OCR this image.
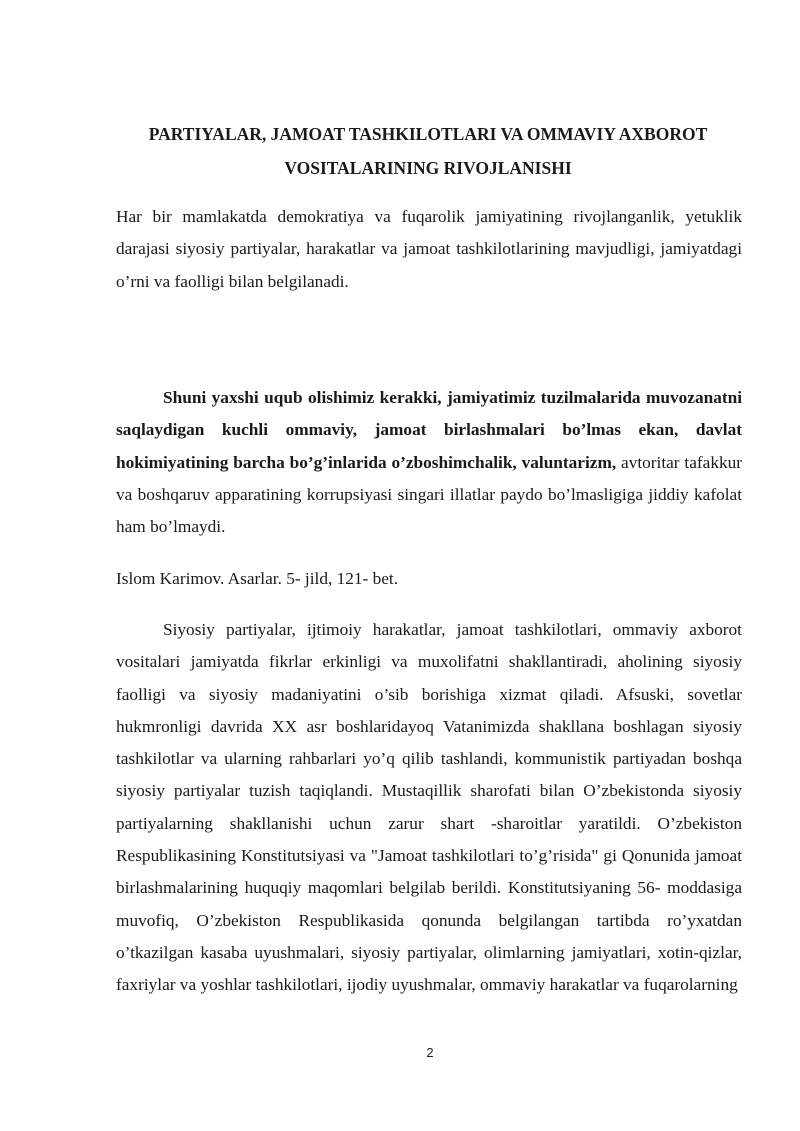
PARTIYALAR, JAMOAT TASHKILOTLARI VA OMMAVIY AXBOROT
VOSITALARINING RIVOJLANISHI

Har bir mamlakatda demokratiya va fuqarolik jamiyatining rivojlanganlik, yetuklik darajasi siyosiy partiyalar, harakatlar va jamoat tashkilotlarining mavjudligi, jamiyatdagi o’rni va faolligi bilan belgilanadi.

Shuni yaxshi uqub olishimiz kerakki, jamiyatimiz tuzilmalarida muvozanatni saqlaydigan kuchli ommaviy, jamoat birlashmalari bo’lmas ekan, davlat hokimiyatining barcha bo’g’inlarida o’zboshimchalik, valuntarizm, avtoritar tafakkur va boshqaruv apparatining korrupsiyasi singari illatlar paydo bo’lmasligiga jiddiy kafolat ham bo’lmaydi.

Islom Karimov. Asarlar. 5- jild, 121- bet.

Siyosiy partiyalar, ijtimoiy harakatlar, jamoat tashkilotlari, ommaviy axborot vositalari jamiyatda fikrlar erkinligi va muxolifatni shakllantiradi, aholining siyosiy faolligi va siyosiy madaniyatini o’sib borishiga xizmat qiladi. Afsuski, sovetlar hukmronligi davrida XX asr boshlaridayoq Vatanimizda shakllana boshlagan siyosiy tashkilotlar va ularning rahbarlari yo’q qilib tashlandi, kommunistik partiyadan boshqa siyosiy partiyalar tuzish taqiqlandi. Mustaqillik sharofati bilan O’zbekistonda siyosiy partiyalarning shakllanishi uchun zarur shart -sharoitlar yaratildi. O’zbekiston Respublikasining Konstitutsiyasi va "Jamoat tashkilotlari to’g’risida" gi Qonunida jamoat birlashmalarining huquqiy maqomlari belgilab berildi. Konstitutsiyaning 56- moddasiga muvofiq, O’zbekiston Respublikasida qonunda belgilangan tartibda ro’yxatdan o’tkazilgan kasaba uyushmalari, siyosiy partiyalar, olimlarning jamiyatlari, xotin-qizlar, faxriylar va yoshlar tashkilotlari, ijodiy uyushmalar, ommaviy harakatlar va fuqarolarning

2
